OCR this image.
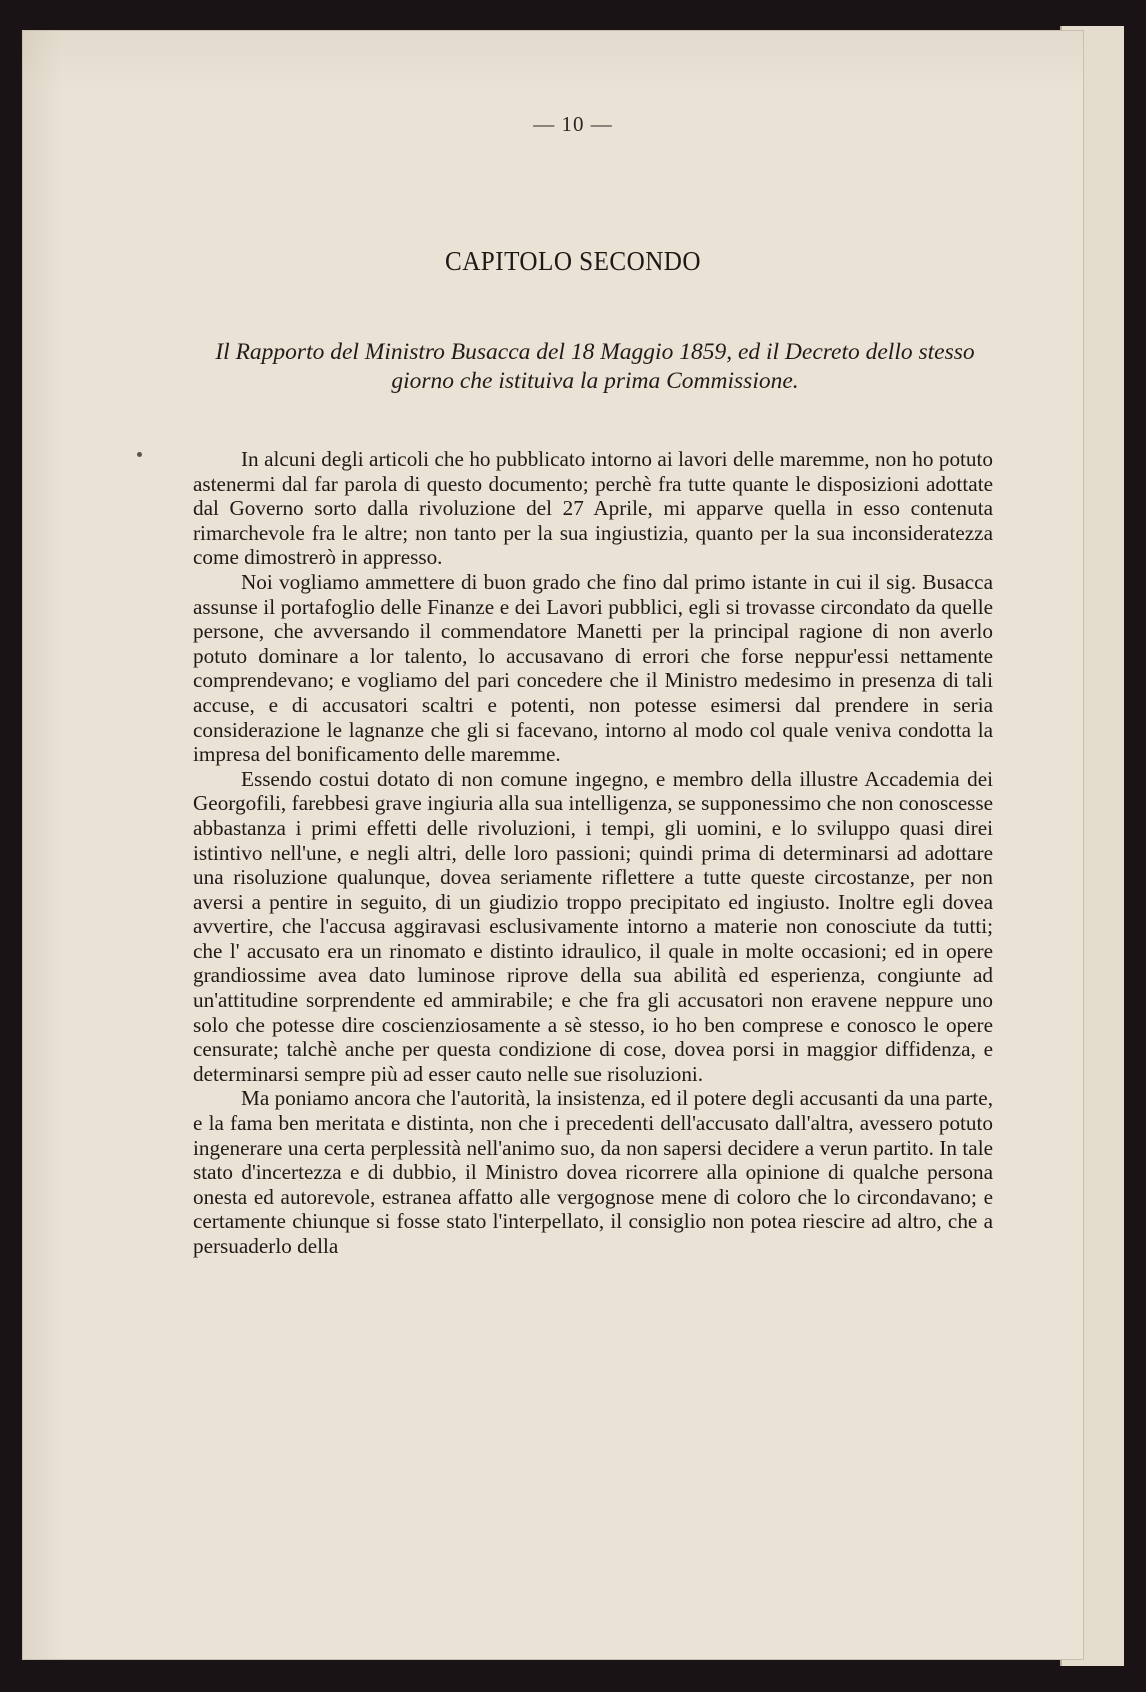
— 10 —
CAPITOLO SECONDO
Il Rapporto del Ministro Busacca del 18 Maggio 1859, ed il Decreto dello stesso giorno che istituiva la prima Commissione.

In alcuni degli articoli che ho pubblicato intorno ai lavori delle maremme, non ho potuto astenermi dal far parola di questo documento; perchè fra tutte quante le disposizioni adottate dal Governo sorto dalla rivoluzione del 27 Aprile, mi apparve quella in esso contenuta rimarchevole fra le altre; non tanto per la sua ingiustizia, quanto per la sua inconsideratezza come dimostrerò in appresso.

Noi vogliamo ammettere di buon grado che fino dal primo istante in cui il sig. Busacca assunse il portafoglio delle Finanze e dei Lavori pubblici, egli si trovasse circondato da quelle persone, che avversando il commendatore Manetti per la principal ragione di non averlo potuto dominare a lor talento, lo accusavano di errori che forse neppur'essi nettamente comprendevano; e vogliamo del pari concedere che il Ministro medesimo in presenza di tali accuse, e di accusatori scaltri e potenti, non potesse esimersi dal prendere in seria considerazione le lagnanze che gli si facevano, intorno al modo col quale veniva condotta la impresa del bonificamento delle maremme.

Essendo costui dotato di non comune ingegno, e membro della illustre Accademia dei Georgofili, farebbesi grave ingiuria alla sua intelligenza, se supponessimo che non conoscesse abbastanza i primi effetti delle rivoluzioni, i tempi, gli uomini, e lo sviluppo quasi direi istintivo nell'une, e negli altri, delle loro passioni; quindi prima di determinarsi ad adottare una risoluzione qualunque, dovea seriamente riflettere a tutte queste circostanze, per non aversi a pentire in seguito, di un giudizio troppo precipitato ed ingiusto. Inoltre egli dovea avvertire, che l'accusa aggiravasi esclusivamente intorno a materie non conosciute da tutti; che l' accusato era un rinomato e distinto idraulico, il quale in molte occasioni; ed in opere grandiossime avea dato luminose riprove della sua abilità ed esperienza, congiunte ad un'attitudine sorprendente ed ammirabile; e che fra gli accusatori non eravene neppure uno solo che potesse dire coscienziosamente a sè stesso, io ho ben comprese e conosco le opere censurate; talchè anche per questa condizione di cose, dovea porsi in maggior diffidenza, e determinarsi sempre più ad esser cauto nelle sue risoluzioni.

Ma poniamo ancora che l'autorità, la insistenza, ed il potere degli accusanti da una parte, e la fama ben meritata e distinta, non che i precedenti dell'accusato dall'altra, avessero potuto ingenerare una certa perplessità nell'animo suo, da non sapersi decidere a verun partito. In tale stato d'incertezza e di dubbio, il Ministro dovea ricorrere alla opinione di qualche persona onesta ed autorevole, estranea affatto alle vergognose mene di coloro che lo circondavano; e certamente chiunque si fosse stato l'interpellato, il consiglio non potea riescire ad altro, che a persuaderlo della
